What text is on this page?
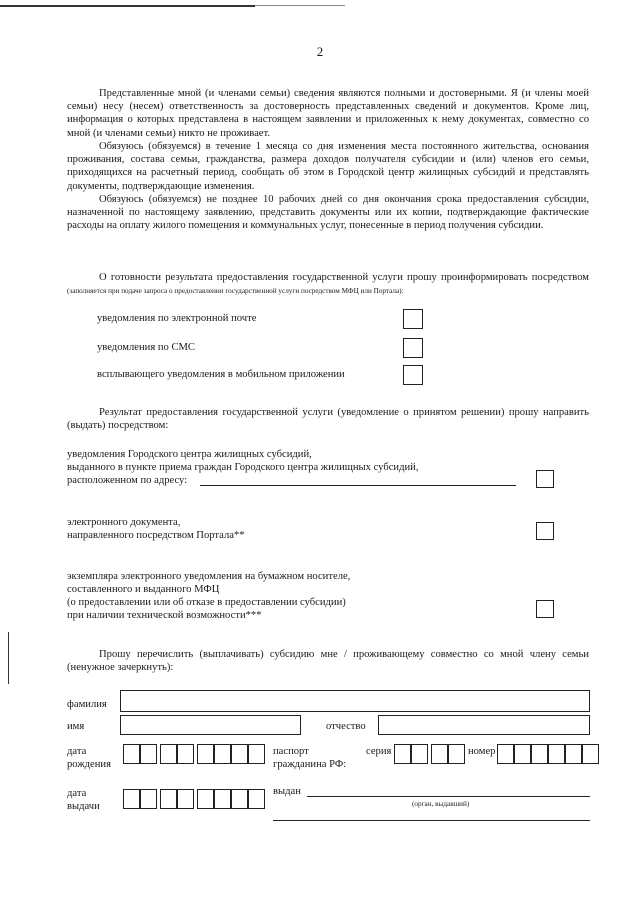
2

Представленные мной (и членами семьи) сведения являются полными и достоверными. Я (и члены моей семьи) несу (несем) ответственность за достоверность представленных сведений и документов. Кроме лиц, информация о которых представлена в настоящем заявлении и приложенных к нему документах, совместно со мной (и членами семьи) никто не проживает.

Обязуюсь (обязуемся) в течение 1 месяца со дня изменения места постоянного жительства, основания проживания, состава семьи, гражданства, размера доходов получателя субсидии и (или) членов его семьи, приходящихся на расчетный период, сообщать об этом в Городской центр жилищных субсидий и представлять документы, подтверждающие изменения.

Обязуюсь (обязуемся) не позднее 10 рабочих дней со дня окончания срока предоставления субсидии, назначенной по настоящему заявлению, представить документы или их копии, подтверждающие фактические расходы на оплату жилого помещения и коммунальных услуг, понесенные в период получения субсидии.

О готовности результата предоставления государственной услуги прошу проинформировать посредством (заполняется при подаче запроса о предоставлении государственной услуги посредством МФЦ или Портала):

уведомления по электронной почте
уведомления по СМС
всплывающего уведомления в мобильном приложении

Результат предоставления государственной услуги (уведомление о принятом решении) прошу направить (выдать) посредством:

уведомления Городского центра жилищных субсидий,

выданного в пункте приема граждан Городского центра жилищных субсидий,

расположенном по адресу:

электронного документа,

направленного посредством Портала**

экземпляра электронного уведомления на бумажном носителе,

составленного и выданного МФЦ

(о предоставлении или об отказе в предоставлении субсидии)

при наличии технической возможности***

Прошу перечислить (выплачивать) субсидию мне / проживающему совместно со мной члену семьи (ненужное зачеркнуть):

фамилия
имя	отчество
дата
рождения
паспорт
гражданина РФ:
серия	номер
дата
выдачи
выдан
(орган, выдавший)
